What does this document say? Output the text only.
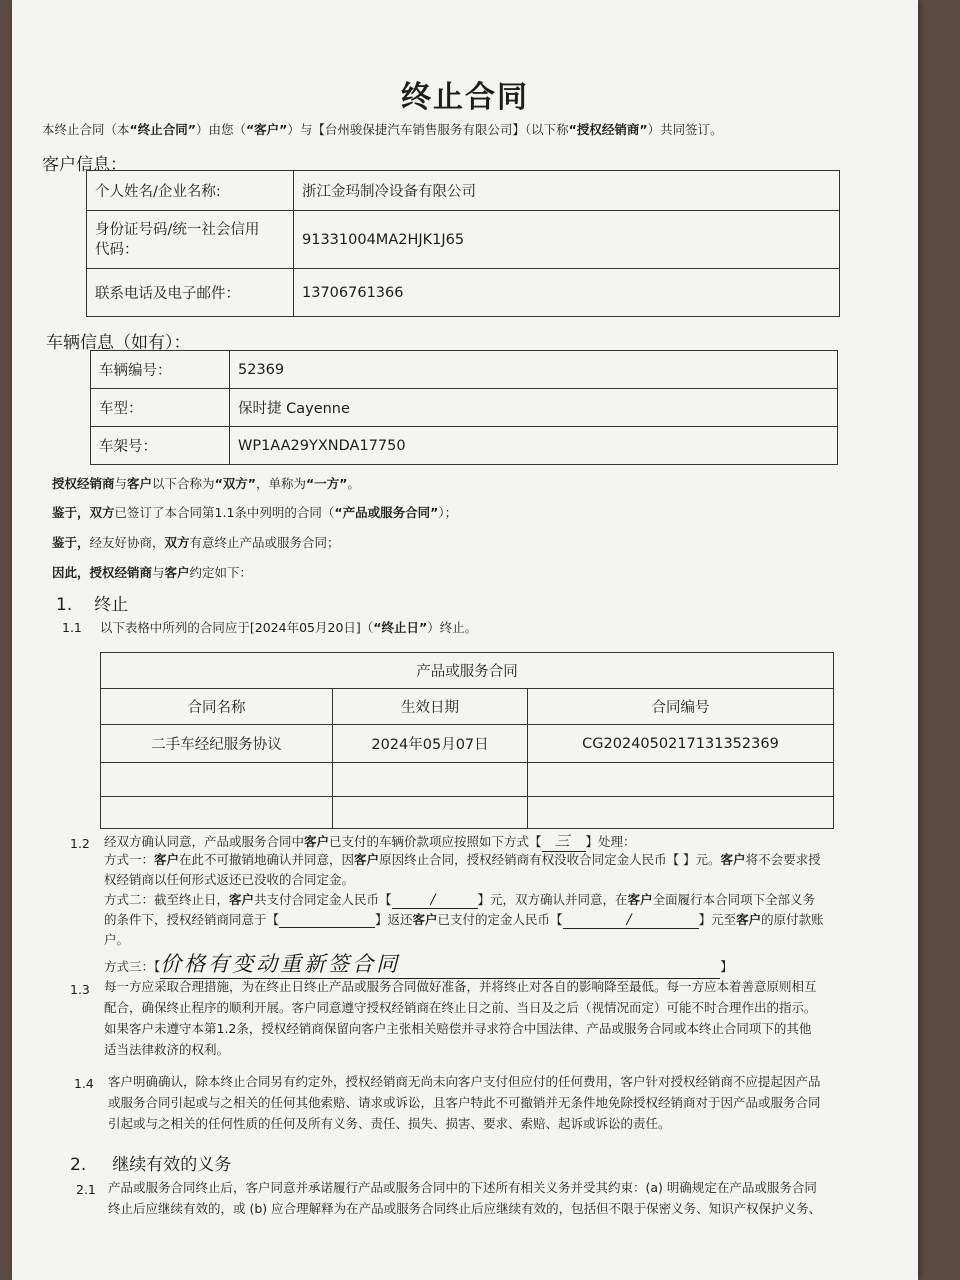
终止合同
本终止合同（本“终止合同”）由您（“客户”）与【台州骏保捷汽车销售服务有限公司】（以下称“授权经销商”）共同签订。
客户信息：
个人姓名/企业名称:	浙江金玛制冷设备有限公司
身份证号码/统一社会信用
代码：	91331004MA2HJK1J65
联系电话及电子邮件：	13706761366
车辆信息（如有）：
车辆编号：	52369
车型：	保时捷 Cayenne
车架号：	WP1AA29YXNDA17750
授权经销商与客户以下合称为“双方”，单称为“一方”。
鉴于，双方已签订了本合同第1.1条中列明的合同（“产品或服务合同”）；
鉴于，经友好协商，双方有意终止产品或服务合同；
因此，授权经销商与客户约定如下：
1. 终止
1.1 以下表格中所列的合同应于[2024年05月20日]（“终止日”）终止。
产品或服务合同		
合同名称	生效日期	合同编号
二手车经纪服务协议	2024年05月07日	CG2024050217131352369

1.2 经双方确认同意，产品或服务合同中客户已支付的车辆价款项应按照如下方式【 三 】处理：
方式一：客户在此不可撤销地确认并同意，因客户原因终止合同，授权经销商有权没收合同定金人民币【 】元。客户将不会要求授
权经销商以任何形式返还已没收的合同定金。
方式二：截至终止日，客户共支付合同定金人民币【	/	】元，双方确认并同意，在客户全面履行本合同项下全部义务
的条件下，授权经销商同意于【	】返还客户已支付的定金人民币【	/	】元至客户的原付款账
户。
方式三：【价格有变动重新签合同	】
1.3 每一方应采取合理措施，为在终止日终止产品或服务合同做好准备，并将终止对各自的影响降至最低。每一方应本着善意原则相互
配合，确保终止程序的顺利开展。客户同意遵守授权经销商在终止日之前、当日及之后（视情况而定）可能不时合理作出的指示。
如果客户未遵守本第1.2条，授权经销商保留向客户主张相关赔偿并寻求符合中国法律、产品或服务合同或本终止合同项下的其他
适当法律救济的权利。
1.4 客户明确确认，除本终止合同另有约定外，授权经销商无尚未向客户支付但应付的任何费用，客户针对授权经销商不应提起因产品
或服务合同引起或与之相关的任何其他索赔、请求或诉讼，且客户特此不可撤销并无条件地免除授权经销商对于因产品或服务合同
引起或与之相关的任何性质的任何及所有义务、责任、损失、损害、要求、索赔、起诉或诉讼的责任。
2. 继续有效的义务
2.1 产品或服务合同终止后，客户同意并承诺履行产品或服务合同中的下述所有相关义务并受其约束：(a) 明确规定在产品或服务合同
终止后应继续有效的，或 (b) 应合理解释为在产品或服务合同终止后应继续有效的，包括但不限于保密义务、知识产权保护义务、
